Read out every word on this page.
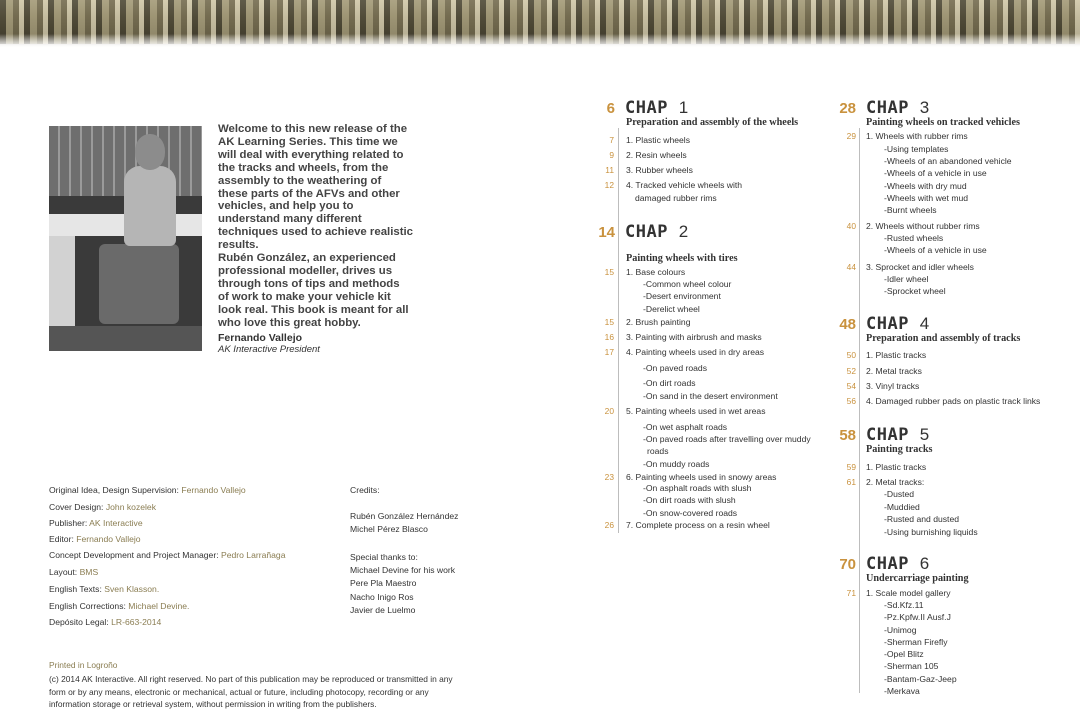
Welcome to this new release of the AK Learning Series. This time we will deal with everything related to the tracks and wheels, from the assembly to the weathering of these parts of the AFVs and other vehicles, and help you to understand many different techniques used to achieve realistic results.

Rubén González, an experienced professional modeller, drives us through tons of tips and methods of work to make your vehicle kit look real. This book is meant for all who love this great hobby.

Fernando Vallejo
AK Interactive President
Original Idea, Design Supervision: Fernando Vallejo
Cover Design: John kozelek
Publisher: AK Interactive
Editor: Fernando Vallejo
Concept Development and Project Manager: Pedro Larrañaga
Layout: BMS
English Texts: Sven Klasson.
English Corrections: Michael Devine.
Depósito Legal: LR-663-2014
Credits:
Rubén González Hernández
Michel Pérez Blasco
Special thanks to:
Michael Devine for his work
Pere Pla Maestro
Nacho Inigo Ros
Javier de Luelmo
Printed in Logroño
(c) 2014 AK Interactive. All right reserved. No part of this publication may be reproduced or transmitted in any form or by any means, electronic or mechanical, actual or future, including photocopy, recording or any information storage or retrieval system, without permission in writing from the publishers.
6 CHAP 1
Preparation and assembly of the wheels
14 CHAP 2
Painting wheels with tires
28 CHAP 3
Painting wheels on tracked vehicles
48 CHAP 4
Preparation and assembly of tracks
58 CHAP 5
Painting tracks
70 CHAP 6
Undercarriage painting
7 1. Plastic wheels
9 2. Resin wheels
11 3. Rubber wheels
12 4. Tracked vehicle wheels with
damaged rubber rims
15 1. Base colours
-Common wheel colour
-Desert environment
-Derelict wheel
15 2. Brush painting
16 3. Painting with airbrush and masks
17 4. Painting wheels used in dry areas
-On paved roads
-On dirt roads
-On sand in the desert environment
20 5. Painting wheels used in wet areas
-On wet asphalt roads
-On paved roads after travelling over muddy
roads
-On muddy roads
23 6. Painting wheels used in snowy areas
-On asphalt roads with slush
-On dirt roads with slush
-On snow-covered roads
26 7. Complete process on a resin wheel
29 1. Wheels with rubber rims
-Using templates
-Wheels of an abandoned vehicle
-Wheels of a vehicle in use
-Wheels with dry mud
-Wheels with wet mud
-Burnt wheels
40 2. Wheels without rubber rims
-Rusted wheels
-Wheels of a vehicle in use
44 3. Sprocket and idler wheels
-Idler wheel
-Sprocket wheel
50 1. Plastic tracks
52 2. Metal tracks
54 3. Vinyl tracks
56 4. Damaged rubber pads on plastic track links
59 1. Plastic tracks
61 2. Metal tracks:
-Dusted
-Muddied
-Rusted and dusted
-Using burnishing liquids
71 1. Scale model gallery
-Sd.Kfz.11
-Pz.Kpfw.II Ausf.J
-Unimog
-Sherman Firefly
-Opel Blitz
-Sherman 105
-Bantam-Gaz-Jeep
-Merkava
